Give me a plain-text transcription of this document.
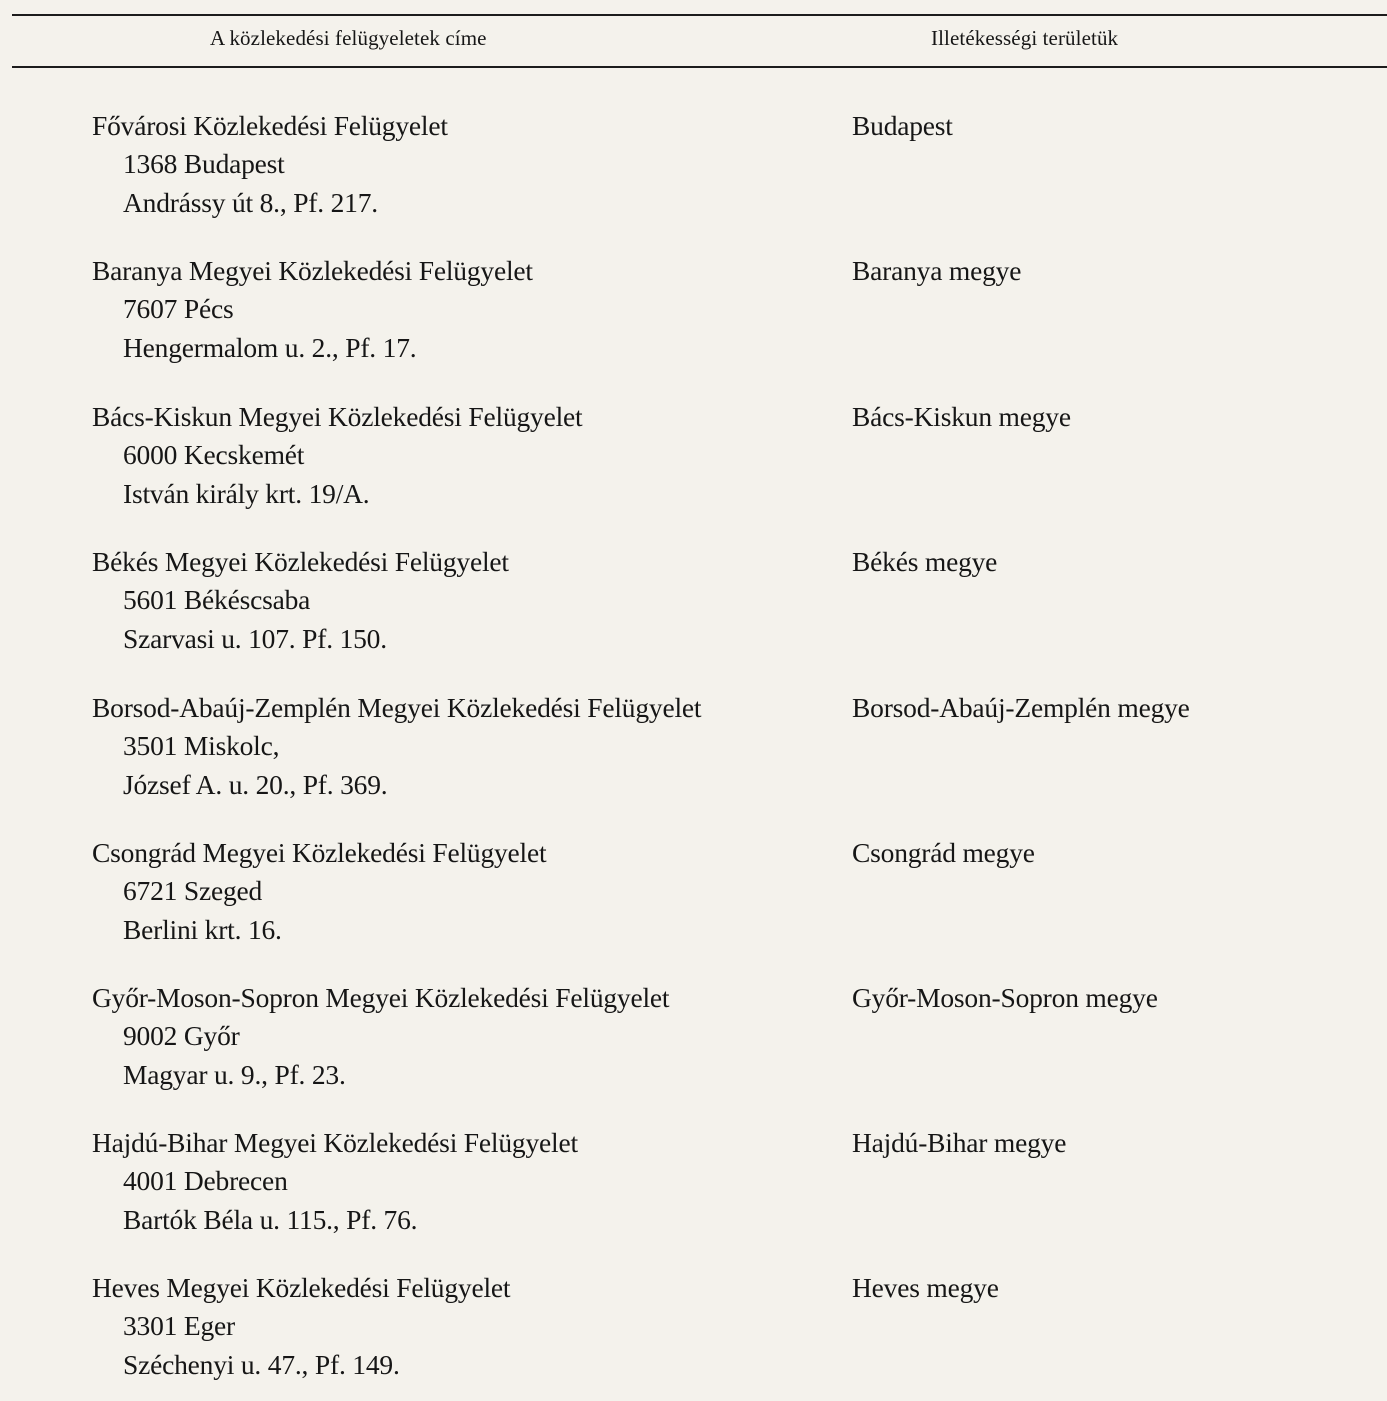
A közlekedési felügyeletek címe	Illetékességi területük
Fővárosi Közlekedési Felügyelet
1368 Budapest
Andrássy út 8., Pf. 217.
Budapest
Baranya Megyei Közlekedési Felügyelet
7607 Pécs
Hengermalom u. 2., Pf. 17.
Baranya megye
Bács-Kiskun Megyei Közlekedési Felügyelet
6000 Kecskemét
István király krt. 19/A.
Bács-Kiskun megye
Békés Megyei Közlekedési Felügyelet
5601 Békéscsaba
Szarvasi u. 107. Pf. 150.
Békés megye
Borsod-Abaúj-Zemplén Megyei Közlekedési Felügyelet
3501 Miskolc,
József A. u. 20., Pf. 369.
Borsod-Abaúj-Zemplén megye
Csongrád Megyei Közlekedési Felügyelet
6721 Szeged
Berlini krt. 16.
Csongrád megye
Győr-Moson-Sopron Megyei Közlekedési Felügyelet
9002 Győr
Magyar u. 9., Pf. 23.
Győr-Moson-Sopron megye
Hajdú-Bihar Megyei Közlekedési Felügyelet
4001 Debrecen
Bartók Béla u. 115., Pf. 76.
Hajdú-Bihar megye
Heves Megyei Közlekedési Felügyelet
3301 Eger
Széchenyi u. 47., Pf. 149.
Heves megye
